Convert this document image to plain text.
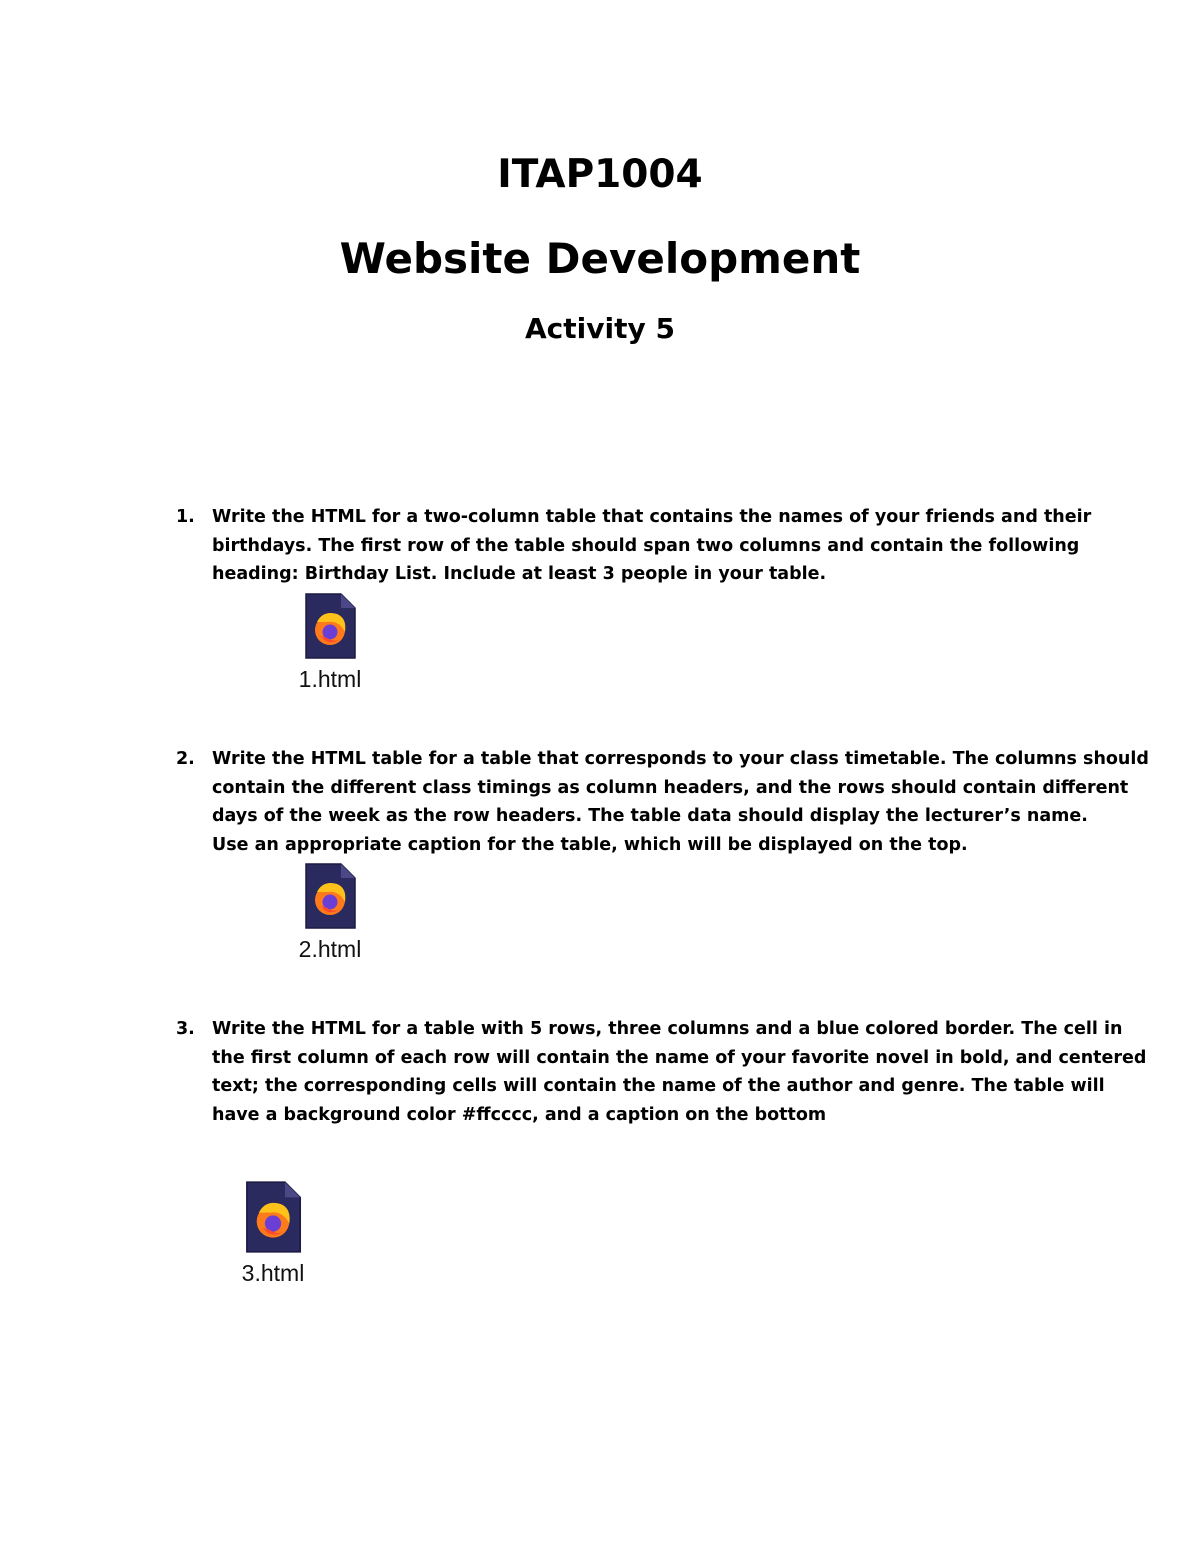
ITAP1004
Website Development
Activity 5
1. Write the HTML for a two-column table that contains the names of your friends and their
birthdays. The first row of the table should span two columns and contain the following
heading: Birthday List. Include at least 3 people in your table.
1.html
2. Write the HTML table for a table that corresponds to your class timetable. The columns should
contain the different class timings as column headers, and the rows should contain different
days of the week as the row headers. The table data should display the lecturer’s name.
Use an appropriate caption for the table, which will be displayed on the top.
2.html
3. Write the HTML for a table with 5 rows, three columns and a blue colored border. The cell in
the first column of each row will contain the name of your favorite novel in bold, and centered
text; the corresponding cells will contain the name of the author and genre. The table will
have a background color #ffcccc, and a caption on the bottom
3.html
